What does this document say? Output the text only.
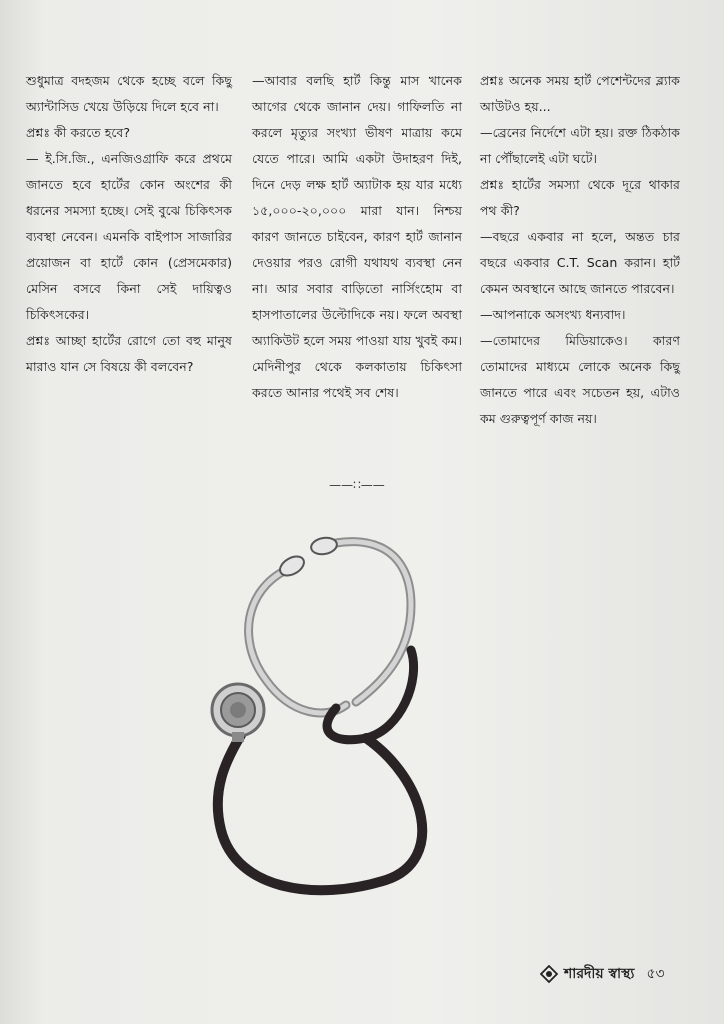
শুধুমাত্র বদহজম থেকে হচ্ছে বলে কিছু অ্যান্টাসিড খেয়ে উড়িয়ে দিলে হবে না।

প্রশ্নঃ কী করতে হবে?

— ই.সি.জি., এনজিওগ্রাফি করে প্রথমে জানতে হবে হার্টের কোন অংশের কী ধরনের সমস্যা হচ্ছে। সেই বুঝে চিকিৎসক ব্যবস্থা নেবেন। এমনকি বাইপাস সাজারির প্রয়োজন বা হার্টে কোন (প্রেসমেকার) মেসিন বসবে কিনা সেই দায়িত্বও চিকিৎসকের।

প্রশ্নঃ আচ্ছা হার্টের রোগে তো বহু মানুষ মারাও যান সে বিষয়ে কী বলবেন?

—আবার বলছি হার্ট কিন্তু মাস খানেক আগের থেকে জানান দেয়। গাফিলতি না করলে মৃত্যুর সংখ্যা ভীষণ মাত্রায় কমে যেতে পারে। আমি একটা উদাহরণ দিই, দিনে দেড় লক্ষ হার্ট অ্যাটাক হয় যার মধ্যে ১৫,০০০-২০,০০০ মারা যান। নিশ্চয় কারণ জানতে চাইবেন, কারণ হার্ট জানান দেওয়ার পরও রোগী যথাযথ ব্যবস্থা নেন না। আর সবার বাড়িতো নার্সিংহোম বা হাসপাতালের উল্টোদিকে নয়। ফলে অবস্থা অ্যাকিউট হলে সময় পাওয়া যায় খুবই কম। মেদিনীপুর থেকে কলকাতায় চিকিৎসা করতে আনার পথেই সব শেষ।

প্রশ্নঃ অনেক সময় হার্ট পেশেন্টদের ব্ল্যাক আউটও হয়...

—ব্রেনের নির্দেশে এটা হয়। রক্ত ঠিকঠাক না পৌঁছালেই এটা ঘটে।

প্রশ্নঃ হার্টের সমস্যা থেকে দূরে থাকার পথ কী?

—বছরে একবার না হলে, অন্তত চার বছরে একবার C.T. Scan করান। হার্ট কেমন অবস্থানে আছে জানতে পারবেন।

—আপনাকে অসংখ্য ধন্যবাদ।

—তোমাদের মিডিয়াকেও। কারণ তোমাদের মাধ্যমে লোকে অনেক কিছু জানতে পারে এবং সচেতন হয়, এটাও কম গুরুত্বপূর্ণ কাজ নয়।

——∷——
শারদীয় স্বাস্থ্য ৫৩
